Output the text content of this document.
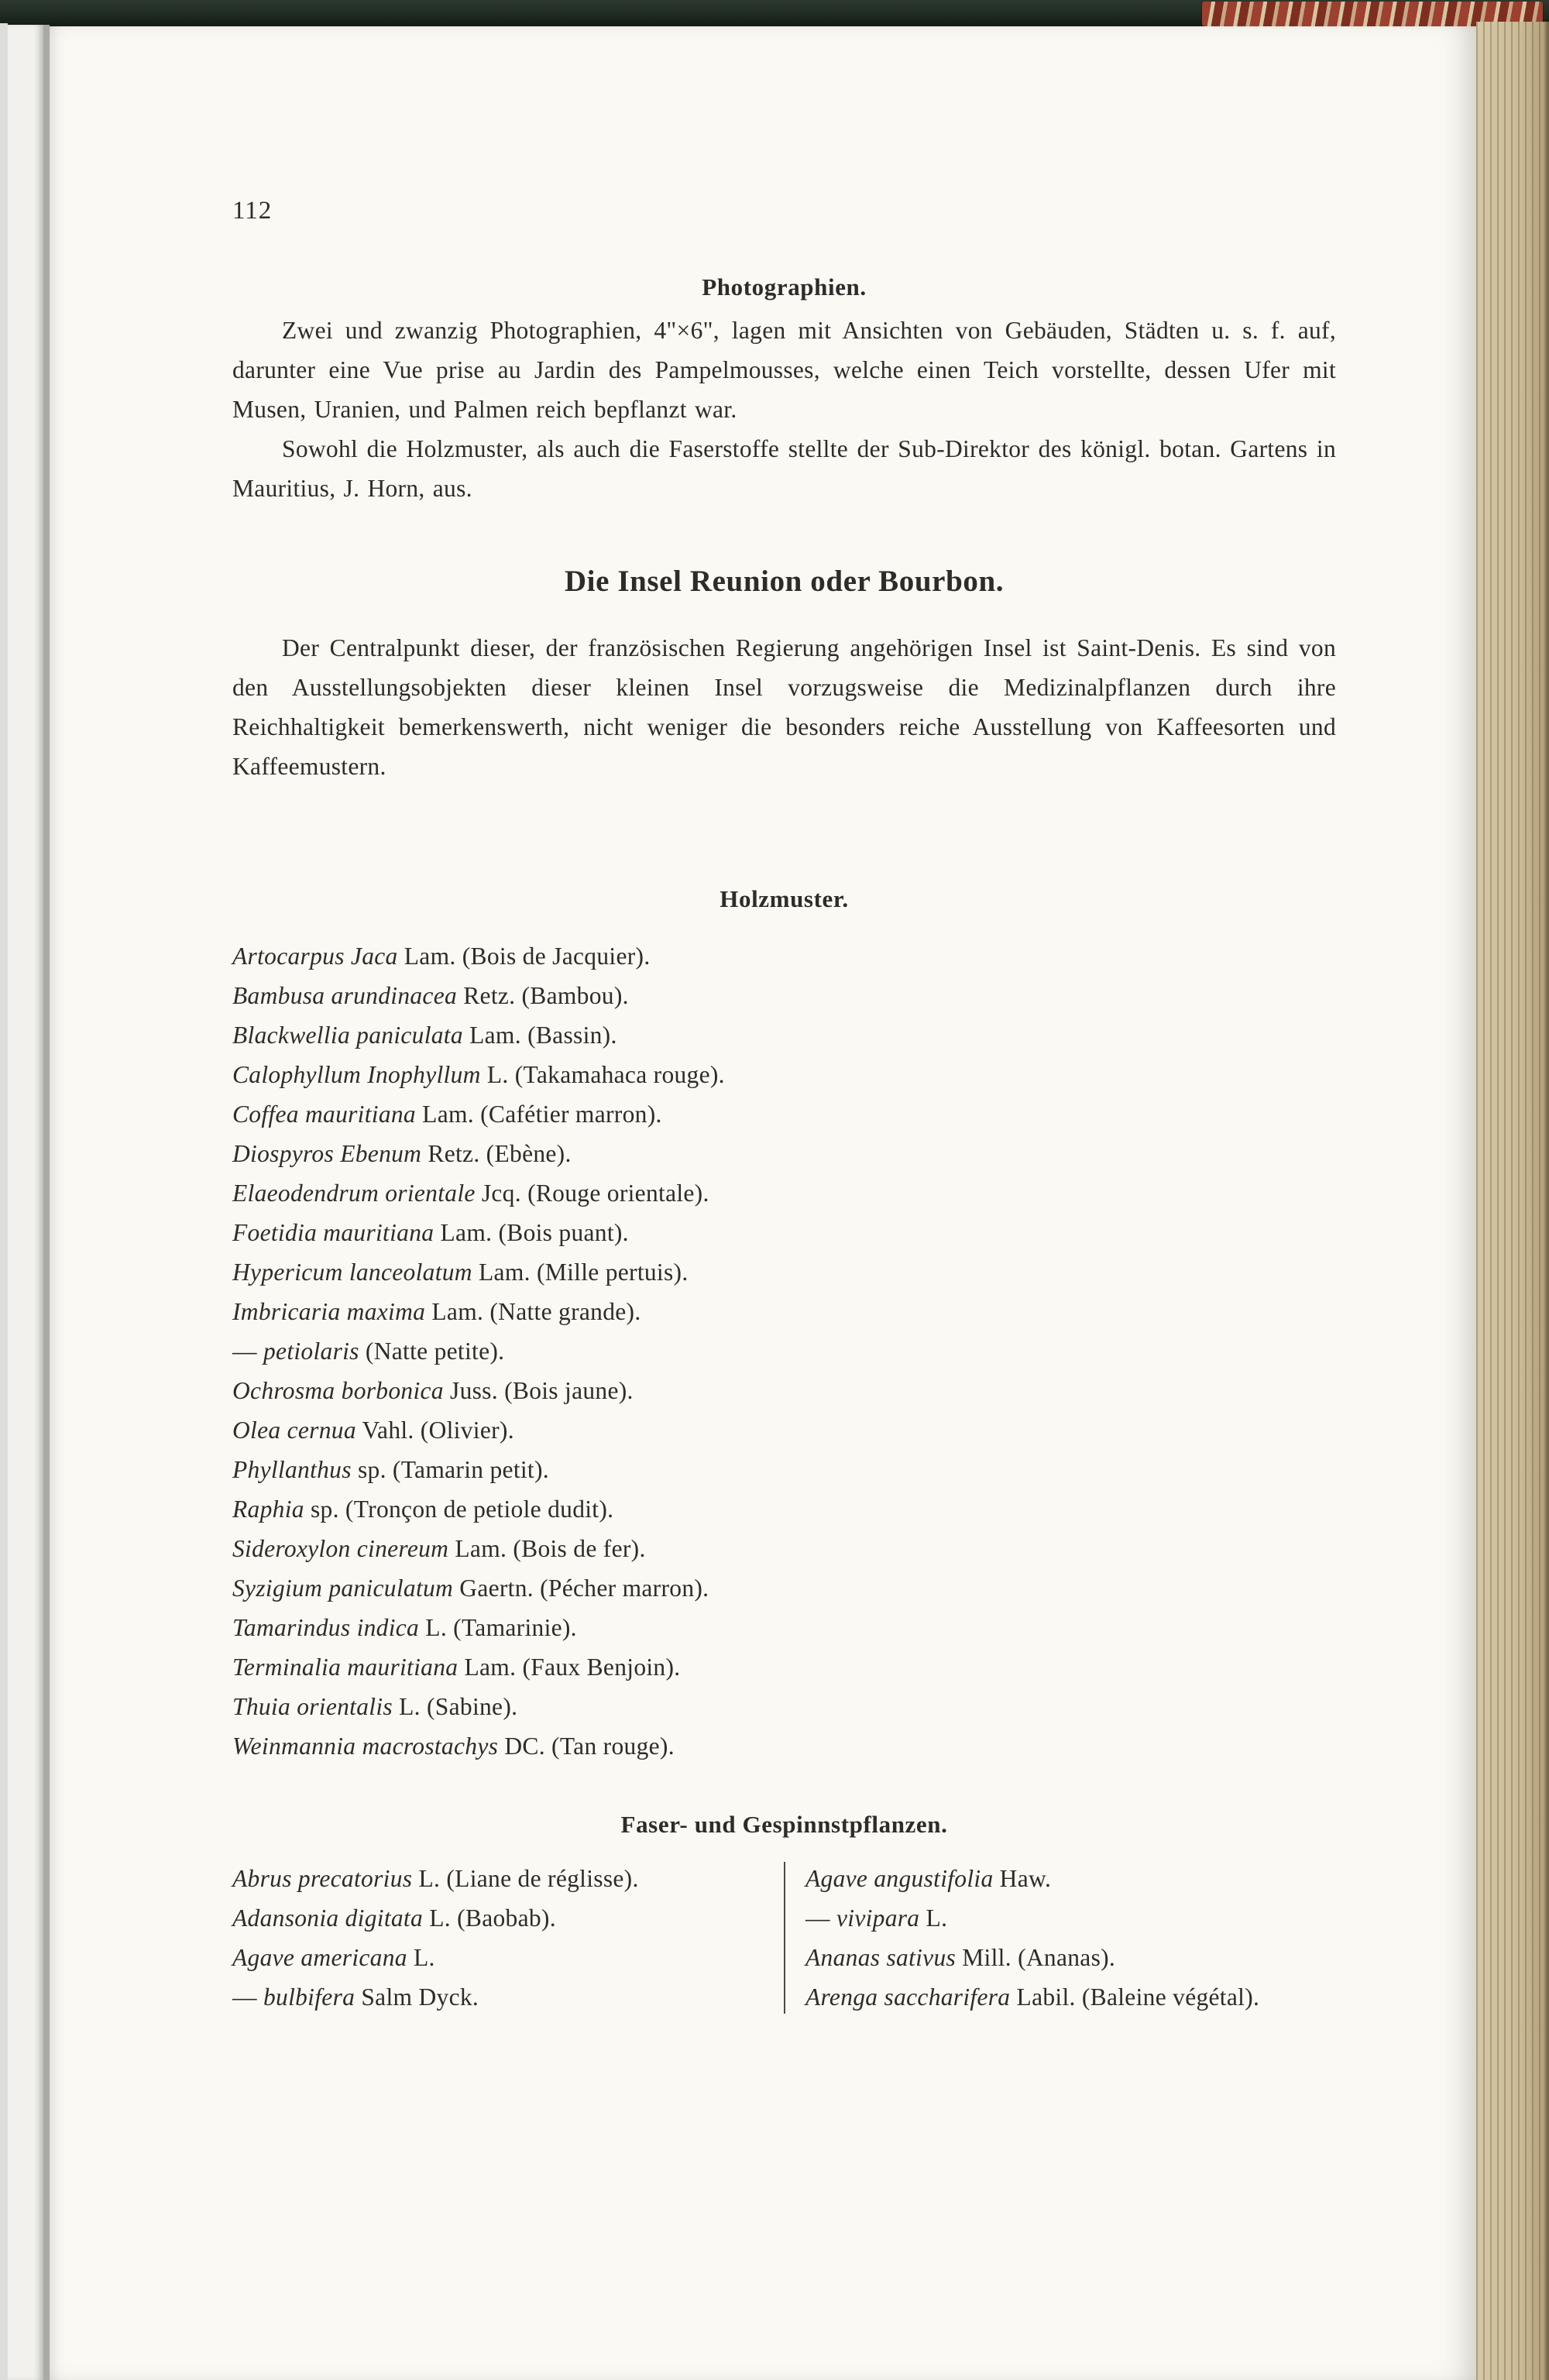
112
Photographien.

Zwei und zwanzig Photographien, 4"×6", lagen mit Ansichten von Gebäuden, Städten u. s. f. auf, darunter eine Vue prise au Jardin des Pampelmousses, welche einen Teich vorstellte, dessen Ufer mit Musen, Uranien, und Palmen reich bepflanzt war.

Sowohl die Holzmuster, als auch die Faserstoffe stellte der Sub-Direktor des königl. botan. Gartens in Mauritius, J. Horn, aus.

Die Insel Reunion oder Bourbon.

Der Centralpunkt dieser, der französischen Regierung angehörigen Insel ist Saint-Denis. Es sind von den Ausstellungsobjekten dieser kleinen Insel vorzugsweise die Medizinalpflanzen durch ihre Reichhaltigkeit bemerkenswerth, nicht weniger die besonders reiche Ausstellung von Kaffeesorten und Kaffeemustern.

Holzmuster.
Artocarpus Jaca Lam. (Bois de Jacquier).
Bambusa arundinacea Retz. (Bambou).
Blackwellia paniculata Lam. (Bassin).
Calophyllum Inophyllum L. (Takamahaca rouge).
Coffea mauritiana Lam. (Cafétier marron).
Diospyros Ebenum Retz. (Ebène).
Elaeodendrum orientale Jcq. (Rouge orientale).
Foetidia mauritiana Lam. (Bois puant).
Hypericum lanceolatum Lam. (Mille pertuis).
Imbricaria maxima Lam. (Natte grande).
— petiolaris (Natte petite).
Ochrosma borbonica Juss. (Bois jaune).
Olea cernua Vahl. (Olivier).
Phyllanthus sp. (Tamarin petit).
Raphia sp. (Tronçon de petiole dudit).
Sideroxylon cinereum Lam. (Bois de fer).
Syzigium paniculatum Gaertn. (Pécher marron).
Tamarindus indica L. (Tamarinie).
Terminalia mauritiana Lam. (Faux Benjoin).
Thuia orientalis L. (Sabine).
Weinmannia macrostachys DC. (Tan rouge).
Faser- und Gespinnstpflanzen.
Abrus precatorius L. (Liane de réglisse).
Adansonia digitata L. (Baobab).
Agave americana L.
— bulbifera Salm Dyck.
Agave angustifolia Haw.
— vivipara L.
Ananas sativus Mill. (Ananas).
Arenga saccharifera Labil. (Baleine végétal).
